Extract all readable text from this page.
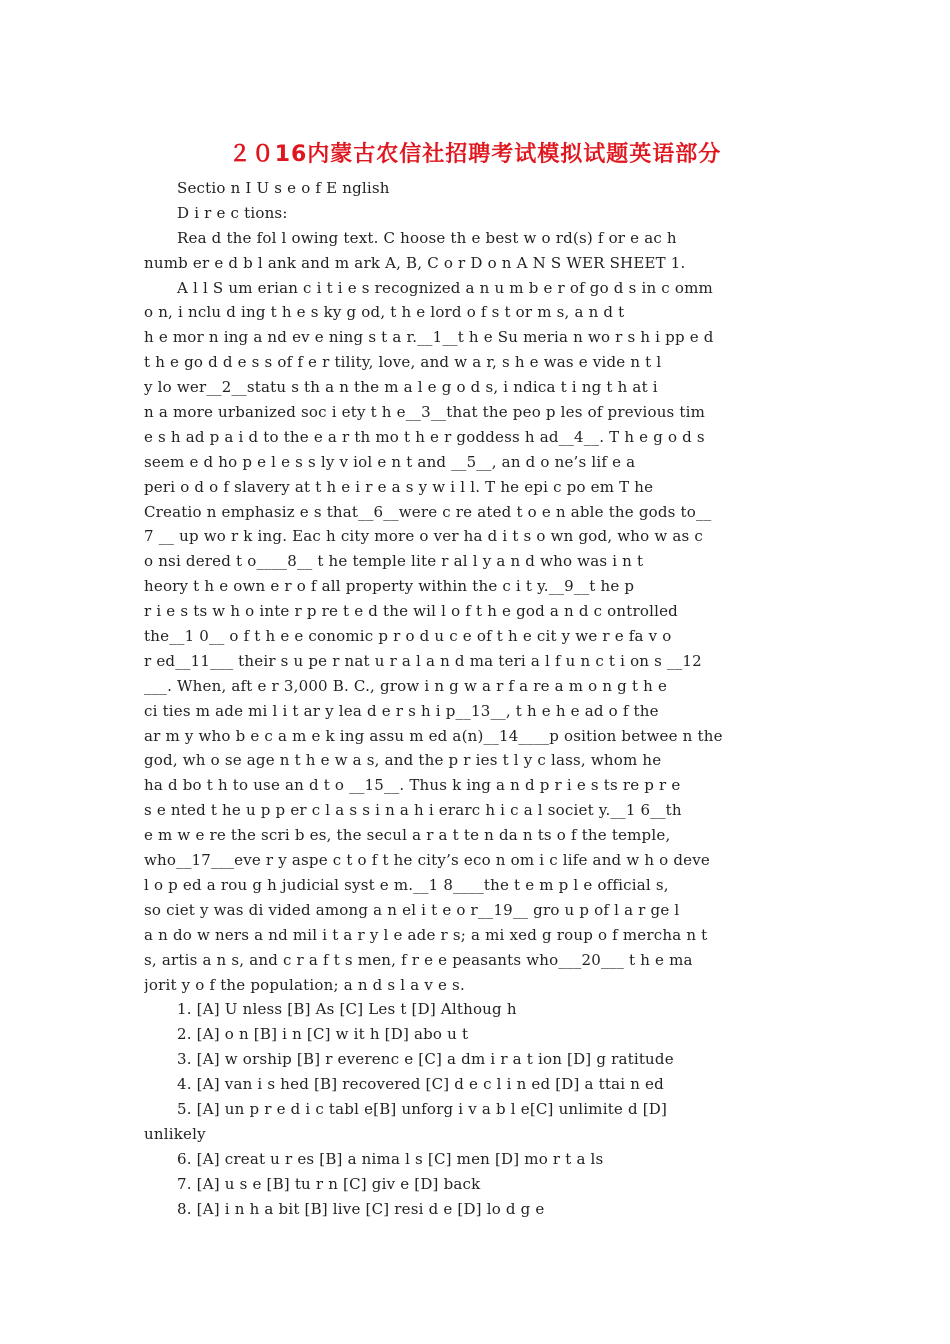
２０16内蒙古农信社招聘考试模拟试题英语部分

Sectio n Ⅰ U s e o f E nglish

D i r e c tions:

Rea d the fol l owing text. C hoose th e best w o rd(s) f or e ac h

numb er e d b l ank and m ark A, B, C o r D o n A N S WER SHEET 1.

A l l S um erian c i t i e s recognized a n u m b e r of go d s in c omm

o n, i nclu d ing t h e s ky g od, t h e lord o f s t or m s, a n d t

h e mor n ing a nd ev e ning s t a r.__1__t h e Su meria n wo r s h i pp e d

t h e go d d e s s of f e r tility, love, and w a r, s h e was e vide n t l

y lo wer__2__statu s th a n the m a l e g o d s, i ndica t i ng t h at i

n a more urbanized soc i ety t h e__3__that the peo p les of previous tim

e s h ad p a i d to the e a r th mo t h e r goddess h ad__4__. T h e g o d s

seem e d ho p e l e s s ly v iol e n t and __5__, an d o ne’s lif e a

peri o d o f slavery at t h e i r e a s y w i l l. T he epi c po em T he

Creatio n emphasiz e s that__6__were c re ated t o e n able the gods to__

7 __ up wo r k ing. Eac h city more o ver ha d i t s o wn god, who w as c

o nsi dered t o____8__ t he temple lite r al l y a n d who was i n t

heory t h e own e r o f all property within the c i t y.__9__t he p

r i e s ts w h o inte r p re t e d the wil l o f t h e god a n d c ontrolled

the__1 0__ o f t h e e conomic p r o d u c e of t h e cit y we r e fa v o

r ed__11___ their s u pe r nat u r a l a n d ma teri a l f u n c t i on s __12

___. When, aft e r 3,000 B. C., grow i n g w a r f a re a m o n g t h e

ci ties m ade mi l i t ar y lea d e r s h i p__13__, t h e h e ad o f the

ar m y who b e c a m e k ing assu m ed a(n)__14____p osition betwee n the

god, wh o se age n t h e w a s, and the p r ies t l y c lass, whom he

ha d bo t h to use an d t o __15__. Thus k ing a n d p r i e s ts re p r e

s e nted t he u p p er c l a s s i n a h i erarc h i c a l societ y.__1 6__th

e m w e re the scri b es, the secul a r a t te n da n ts o f the temple,

who__17___eve r y aspe c t o f t he city’s eco n om i c life and w h o deve

l o p ed a rou g h judicial syst e m.__1 8____the t e m p l e official s,

so ciet y was di vided among a n el i t e o r__19__ gro u p of l a r ge l

a n do w ners a nd mil i t a r y l e ade r s; a mi xed g roup o f mercha n t

s, artis a n s, and c r a f t s men, f r e e peasants who___20___ t h e ma

jorit y o f the population; a n d s l a v e s.

1. [A] U nless [B] As [C] Les t [D] Althoug h

2. [A] o n [B] i n [C] w it h [D] abo u t

3. [A] w orship [B] r everenc e [C] a dm i r a t ion [D] g ratitude

4. [A] van i s hed [B] recovered [C] d e c l i n ed [D] a ttai n ed

5. [A] un p r e d i c tabl e[B] unforg i v a b l e[C] unlimite d [D]

unlikely

6. [A] creat u r es [B] a nima l s [C] men [D] mo r t a ls

7. [A] u s e [B] tu r n [C] giv e [D] back

8. [A] i n h a bit [B] live [C] resi d e [D] lo d g e
